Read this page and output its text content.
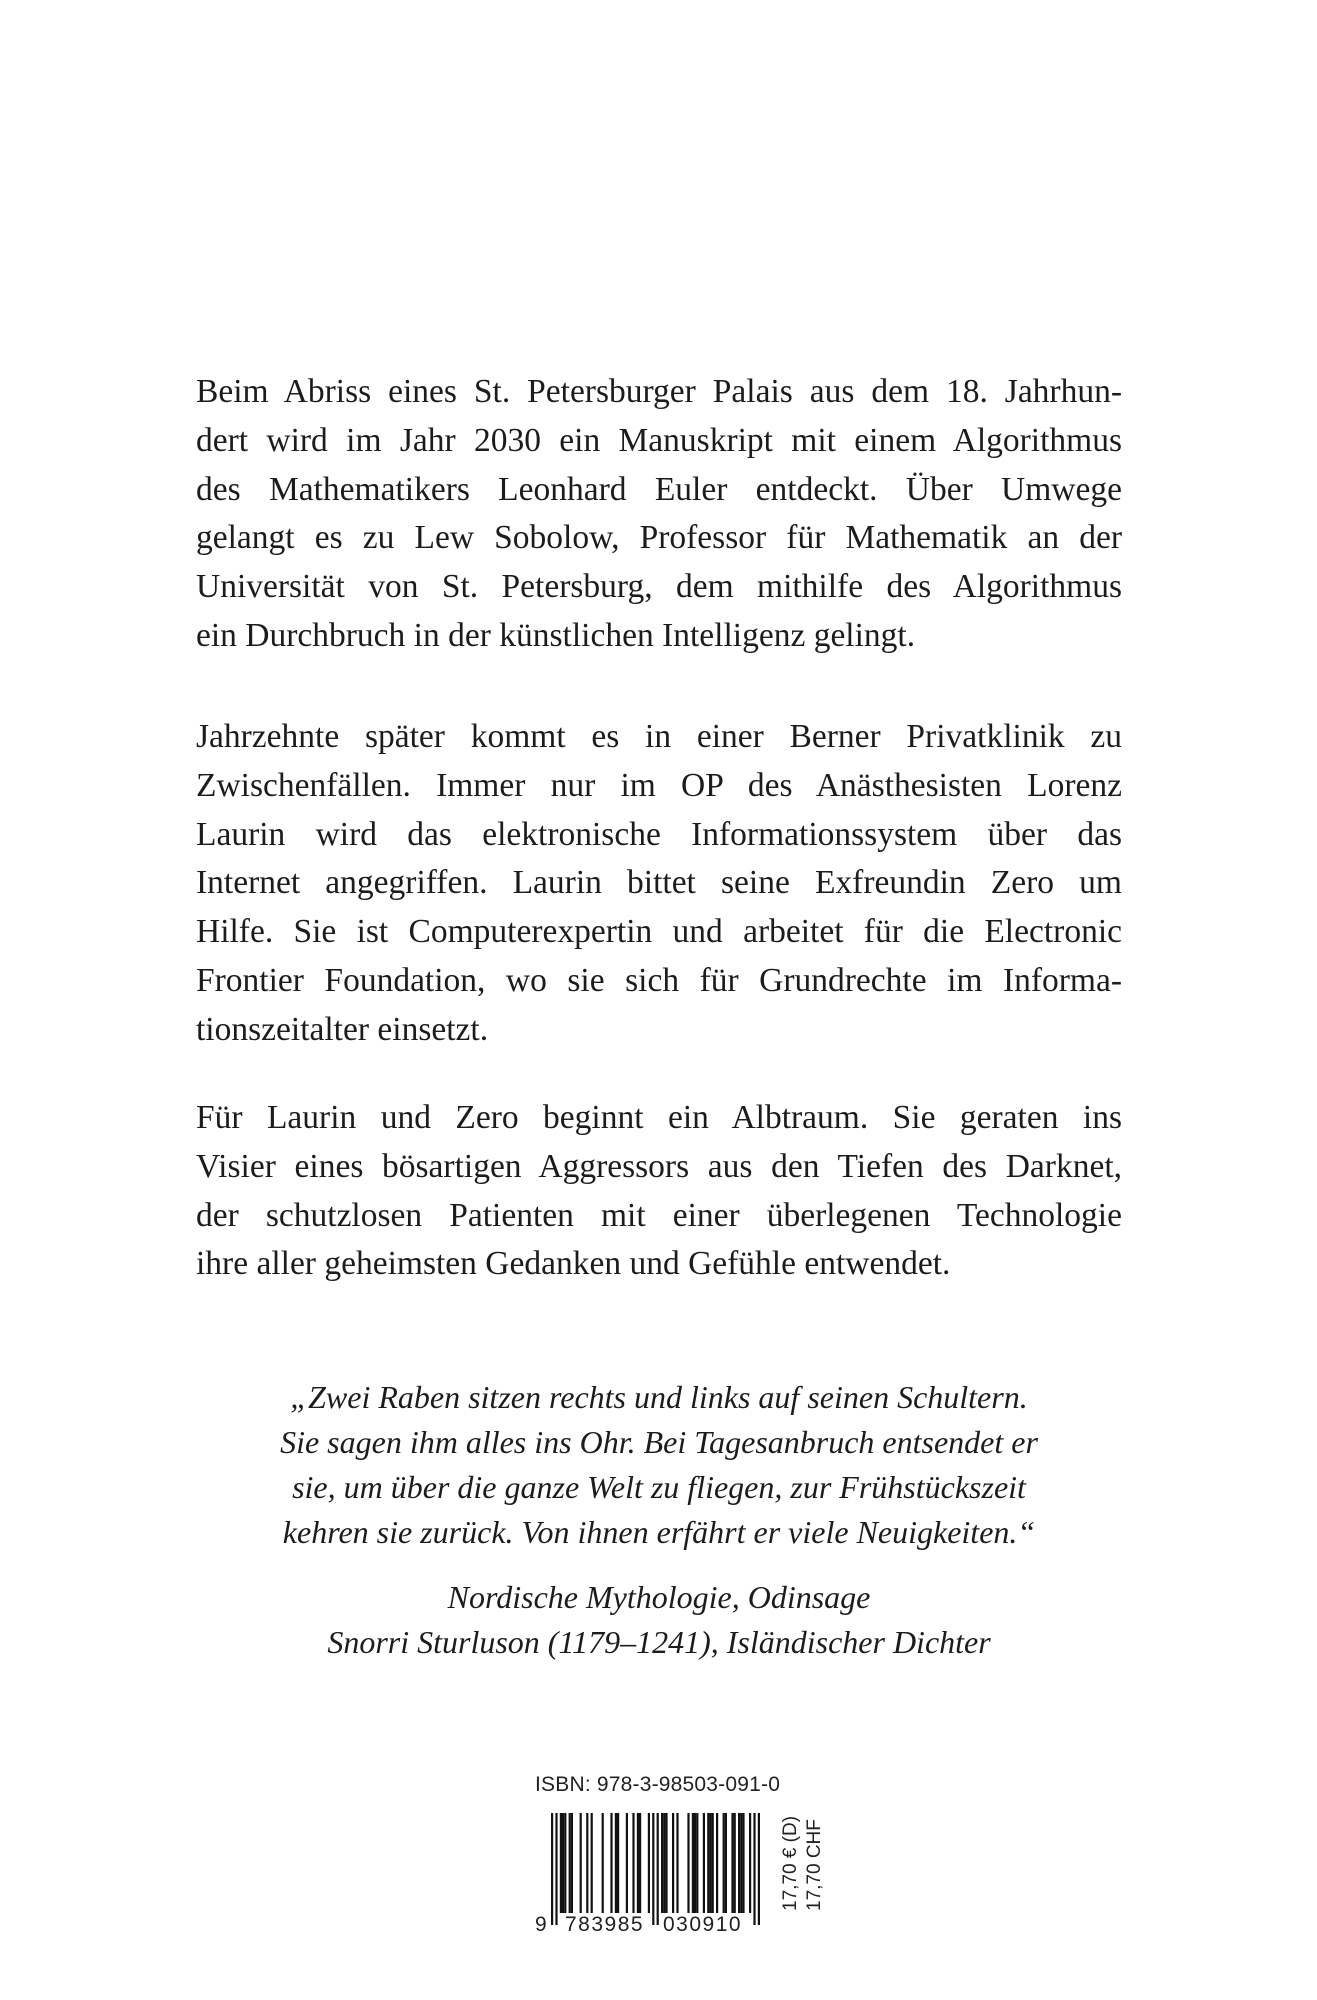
Beim Abriss eines St. Petersburger Palais aus dem 18. Jahrhun-
dert wird im Jahr 2030 ein Manuskript mit einem Algorithmus
des Mathematikers Leonhard Euler entdeckt. Über Umwege
gelangt es zu Lew Sobolow, Professor für Mathematik an der
Universität von St. Petersburg, dem mithilfe des Algorithmus
ein Durchbruch in der künstlichen Intelligenz gelingt.
Jahrzehnte später kommt es in einer Berner Privatklinik zu
Zwischenfällen. Immer nur im OP des Anästhesisten Lorenz
Laurin wird das elektronische Informationssystem über das
Internet angegriffen. Laurin bittet seine Exfreundin Zero um
Hilfe. Sie ist Computerexpertin und arbeitet für die Electronic
Frontier Foundation, wo sie sich für Grundrechte im Informa-
tionszeitalter einsetzt.
Für Laurin und Zero beginnt ein Albtraum. Sie geraten ins
Visier eines bösartigen Aggressors aus den Tiefen des Darknet,
der schutzlosen Patienten mit einer überlegenen Technologie
ihre aller geheimsten Gedanken und Gefühle entwendet.
„Zwei Raben sitzen rechts und links auf seinen Schultern.
Sie sagen ihm alles ins Ohr. Bei Tagesanbruch entsendet er
sie, um über die ganze Welt zu fliegen, zur Frühstückszeit
kehren sie zurück. Von ihnen erfährt er viele Neuigkeiten.“
Nordische Mythologie, Odinsage
Snorri Sturluson (1179–1241), Isländischer Dichter
ISBN: 978-3-98503-091-0
9 783985 030910
17,70 € (D) 17,70 CHF
